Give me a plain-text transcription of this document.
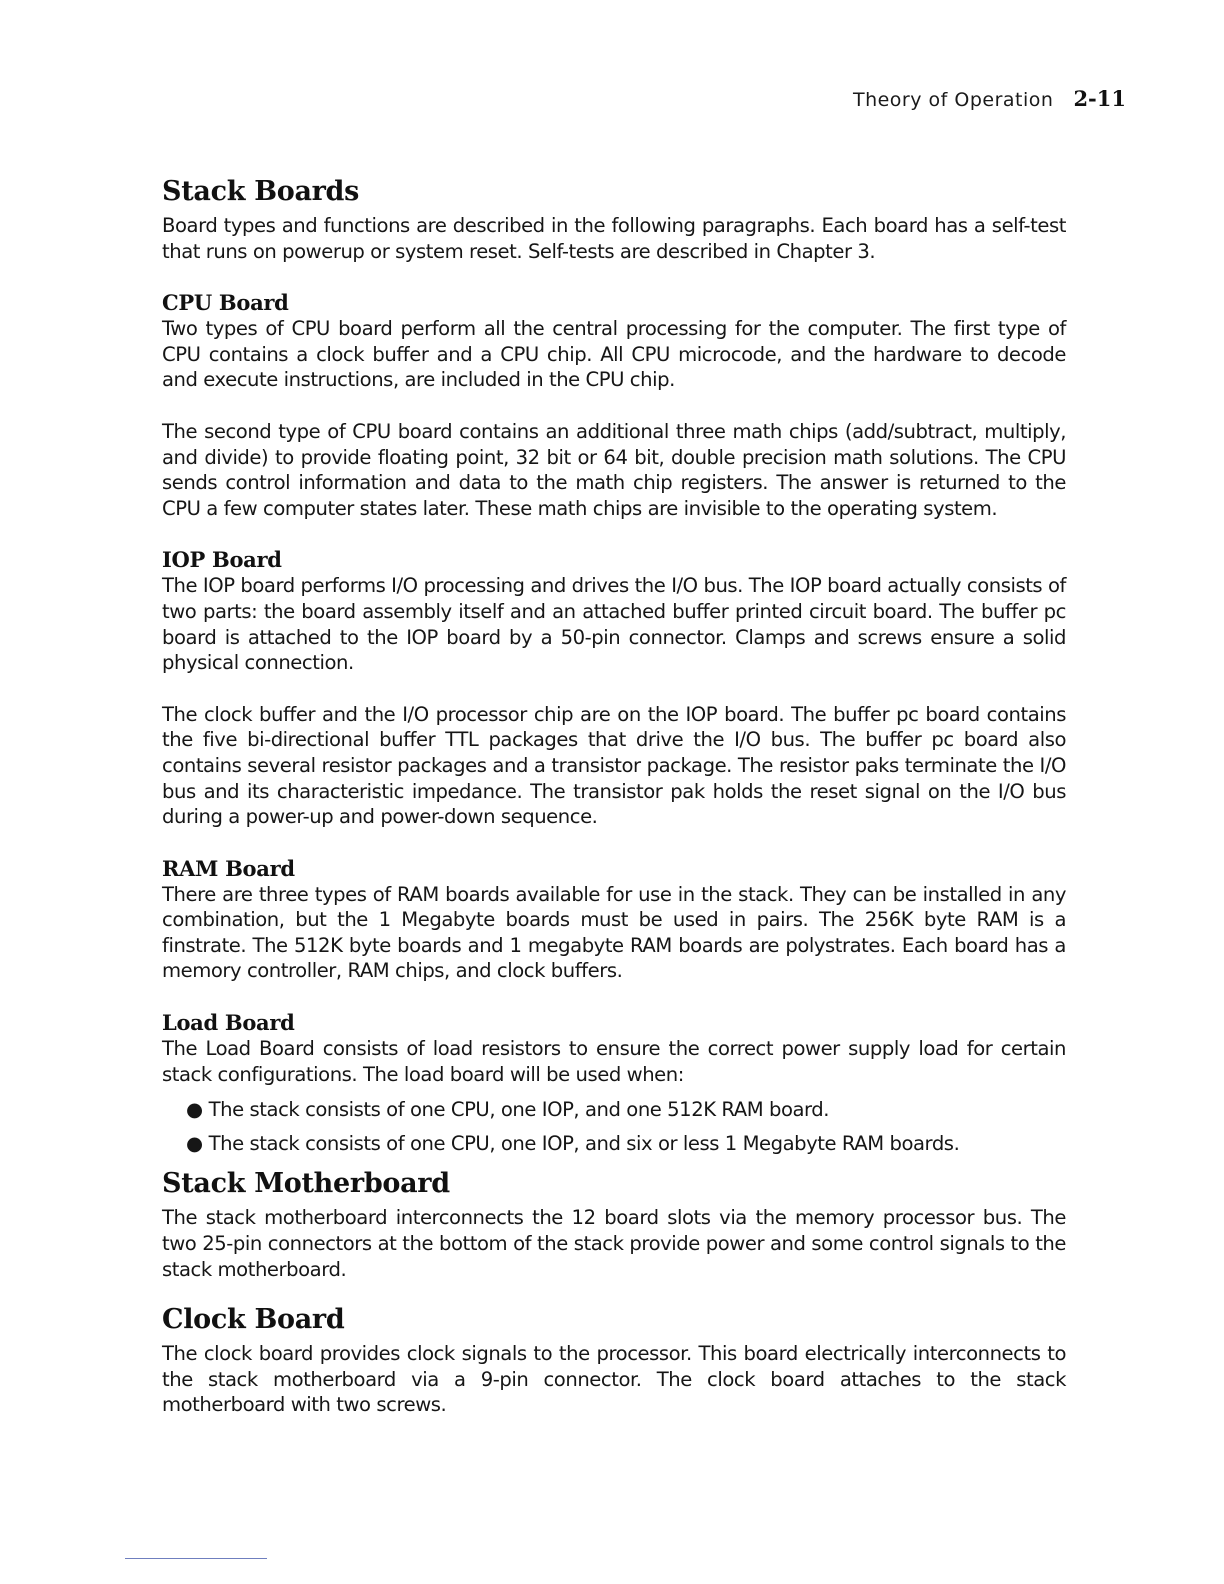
Theory of Operation 2-11
Stack Boards

Board types and functions are described in the following paragraphs. Each board has a self-test that runs on powerup or system reset. Self-tests are described in Chapter 3.

CPU Board

Two types of CPU board perform all the central processing for the computer. The first type of CPU contains a clock buffer and a CPU chip. All CPU microcode, and the hardware to decode and execute instructions, are included in the CPU chip.

The second type of CPU board contains an additional three math chips (add/subtract, multiply, and divide) to provide floating point, 32 bit or 64 bit, double precision math solutions. The CPU sends control information and data to the math chip registers. The answer is returned to the CPU a few computer states later. These math chips are invisible to the operating system.

IOP Board

The IOP board performs I/O processing and drives the I/O bus. The IOP board actually consists of two parts: the board assembly itself and an attached buffer printed circuit board. The buffer pc board is attached to the IOP board by a 50-pin connector. Clamps and screws ensure a solid physical connection.

The clock buffer and the I/O processor chip are on the IOP board. The buffer pc board contains the five bi-directional buffer TTL packages that drive the I/O bus. The buffer pc board also contains several resistor packages and a transistor package. The resistor paks terminate the I/O bus and its characteristic impedance. The transistor pak holds the reset signal on the I/O bus during a power-up and power-down sequence.

RAM Board

There are three types of RAM boards available for use in the stack. They can be installed in any combination, but the 1 Megabyte boards must be used in pairs. The 256K byte RAM is a finstrate. The 512K byte boards and 1 megabyte RAM boards are polystrates. Each board has a memory controller, RAM chips, and clock buffers.

Load Board

The Load Board consists of load resistors to ensure the correct power supply load for certain stack configurations. The load board will be used when:

● The stack consists of one CPU, one IOP, and one 512K RAM board.
● The stack consists of one CPU, one IOP, and six or less 1 Megabyte RAM boards.
Stack Motherboard

The stack motherboard interconnects the 12 board slots via the memory processor bus. The two 25-pin connectors at the bottom of the stack provide power and some control signals to the stack motherboard.

Clock Board

The clock board provides clock signals to the processor. This board electrically interconnects to the stack motherboard via a 9-pin connector. The clock board attaches to the stack motherboard with two screws.
